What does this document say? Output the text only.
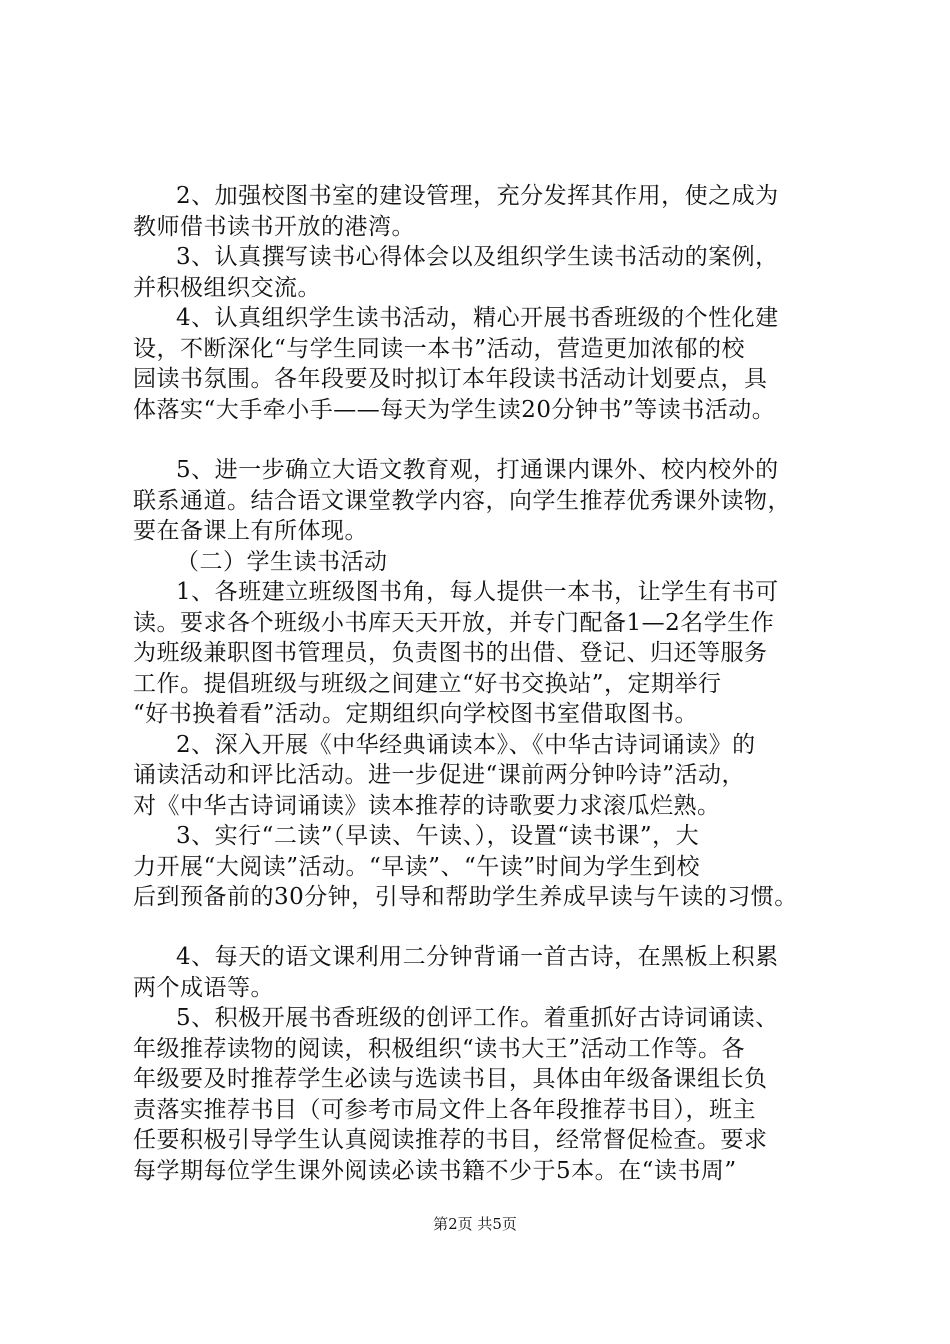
2、加强校图书室的建设管理，充分发挥其作用，使之成为
教师借书读书开放的港湾。
3、认真撰写读书心得体会以及组织学生读书活动的案例，
并积极组织交流。
4、认真组织学生读书活动，精心开展书香班级的个性化建
设，不断深化“与学生同读一本书”活动，营造更加浓郁的校
园读书氛围。各年段要及时拟订本年段读书活动计划要点，具
体落实“大手牵小手——每天为学生读20分钟书”等读书活动。
5、进一步确立大语文教育观，打通课内课外、校内校外的
联系通道。结合语文课堂教学内容，向学生推荐优秀课外读物，
要在备课上有所体现。
（二）学生读书活动
1、各班建立班级图书角，每人提供一本书，让学生有书可
读。要求各个班级小书库天天开放，并专门配备1—2名学生作
为班级兼职图书管理员，负责图书的出借、登记、归还等服务
工作。提倡班级与班级之间建立“好书交换站”，定期举行
“好书换着看”活动。定期组织向学校图书室借取图书。
2、深入开展《中华经典诵读本》、《中华古诗词诵读》的
诵读活动和评比活动。进一步促进“课前两分钟吟诗”活动，
对《中华古诗词诵读》读本推荐的诗歌要力求滚瓜烂熟。
3、实行“二读”（早读、午读、），设置“读书课”，大
力开展“大阅读”活动。“早读”、“午读”时间为学生到校
后到预备前的30分钟，引导和帮助学生养成早读与午读的习惯。
4、每天的语文课利用二分钟背诵一首古诗，在黑板上积累
两个成语等。
5、积极开展书香班级的创评工作。着重抓好古诗词诵读、
年级推荐读物的阅读，积极组织“读书大王”活动工作等。各
年级要及时推荐学生必读与选读书目，具体由年级备课组长负
责落实推荐书目（可参考市局文件上各年段推荐书目），班主
任要积极引导学生认真阅读推荐的书目，经常督促检查。要求
每学期每位学生课外阅读必读书籍不少于5本。在“读书周”
第2页 共5页
